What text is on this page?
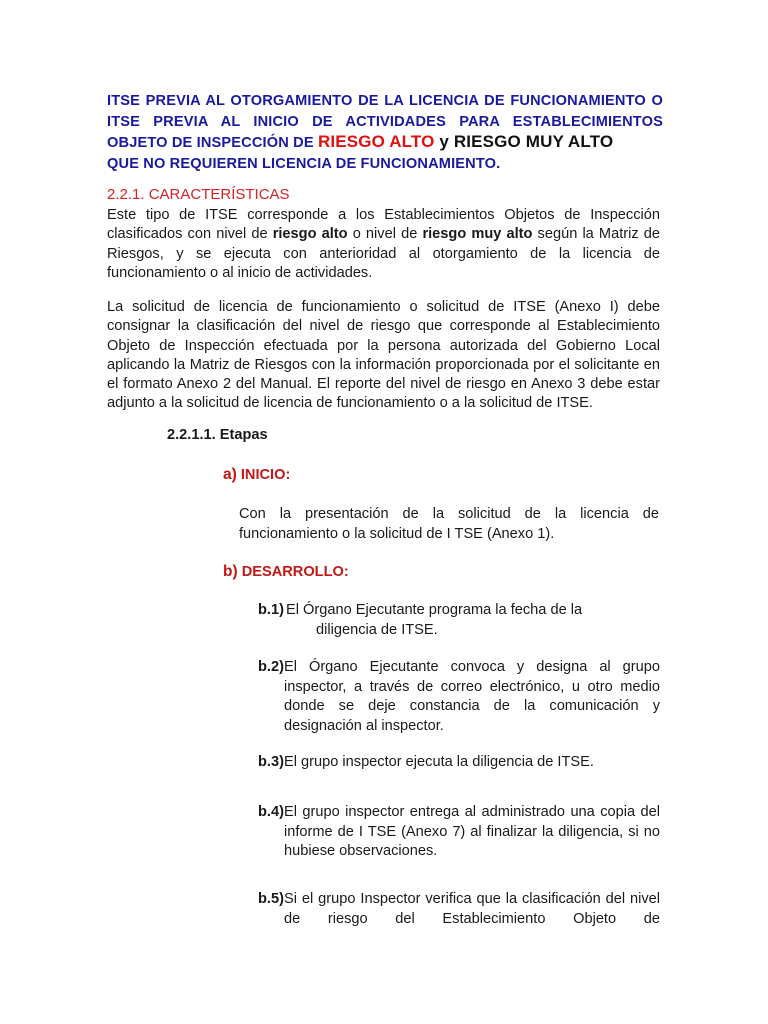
ITSE PREVIA AL OTORGAMIENTO DE LA LICENCIA DE FUNCIONAMIENTO O ITSE PREVIA AL INICIO DE ACTIVIDADES PARA ESTABLECIMIENTOS OBJETO DE INSPECCIÓN DE RIESGO ALTO y RIESGO MUY ALTO
QUE NO REQUIEREN LICENCIA DE FUNCIONAMIENTO.
2.2.1. CARACTERÍSTICAS
Este tipo de ITSE corresponde a los Establecimientos Objetos de Inspección clasificados con nivel de riesgo alto o nivel de riesgo muy alto según la Matriz de Riesgos, y se ejecuta con anterioridad al otorgamiento de la licencia de funcionamiento o al inicio de actividades.
La solicitud de licencia de funcionamiento o solicitud de ITSE (Anexo I) debe consignar la clasificación del nivel de riesgo que corresponde al Establecimiento Objeto de Inspección efectuada por la persona autorizada del Gobierno Local aplicando la Matriz de Riesgos con la información proporcionada por el solicitante en el formato Anexo 2 del Manual. El reporte del nivel de riesgo en Anexo 3 debe estar adjunto a la solicitud de licencia de funcionamiento o a la solicitud de ITSE.
2.2.1.1. Etapas
a) INICIO:
Con la presentación de la solicitud de la licencia de funcionamiento o la solicitud de I TSE (Anexo 1).
b) DESARROLLO:
b.1) El Órgano Ejecutante programa la fecha de la
diligencia de ITSE.
b.2) El Órgano Ejecutante convoca y designa al grupo inspector, a través de correo electrónico, u otro medio donde se deje constancia de la comunicación y designación al inspector.
b.3) El grupo inspector ejecuta la diligencia de ITSE.
b.4) El grupo inspector entrega al administrado una copia del informe de I TSE (Anexo 7) al finalizar la diligencia, si no hubiese observaciones.
b.5) Si el grupo Inspector verifica que la clasificación del nivel de riesgo del Establecimiento Objeto de
